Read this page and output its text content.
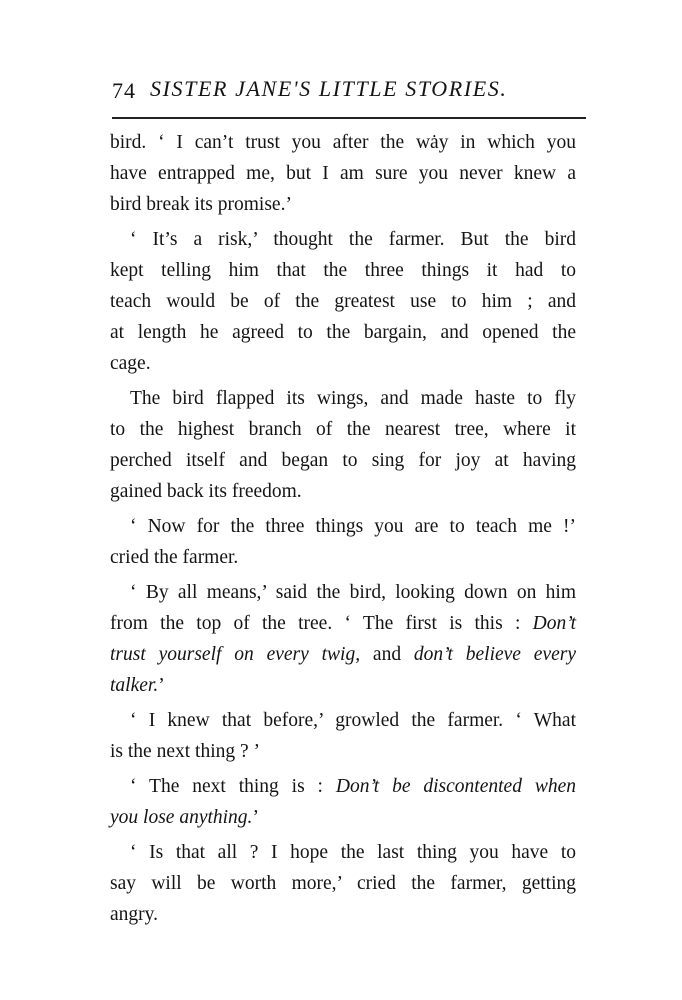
74 SISTER JANE'S LITTLE STORIES.
bird. ‘ I can’t trust you after the wȧy in which you
have entrapped me, but I am sure you never knew a
bird break its promise.’
‘ It’s a risk,’ thought the farmer. But the bird
kept telling him that the three things it had to
teach would be of the greatest use to him ; and
at length he agreed to the bargain, and opened the
cage.
The bird flapped its wings, and made haste to fly
to the highest branch of the nearest tree, where it
perched itself and began to sing for joy at having
gained back its freedom.
‘ Now for the three things you are to teach me !’
cried the farmer.
‘ By all means,’ said the bird, looking down on him
from the top of the tree. ‘ The first is this : Don’t
trust yourself on every twig, and don’t believe every
talker.’
‘ I knew that before,’ growled the farmer. ‘ What
is the next thing ? ’
‘ The next thing is : Don’t be discontented when
you lose anything.’
‘ Is that all ? I hope the last thing you have to
say will be worth more,’ cried the farmer, getting
angry.
